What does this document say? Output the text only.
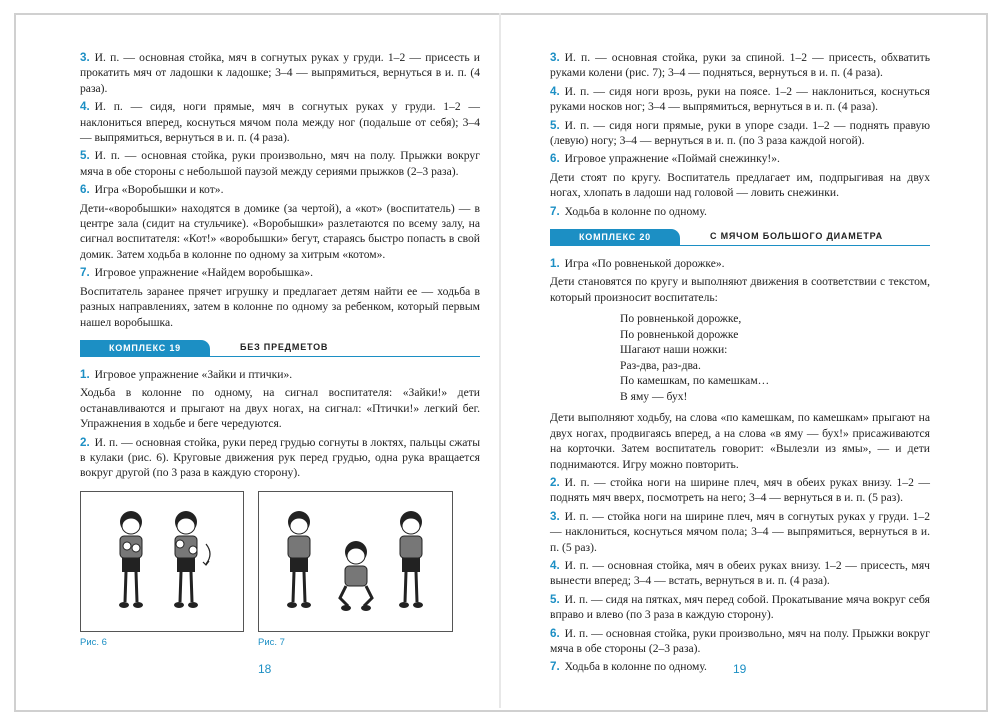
3. И. п. — основная стойка, мяч в согнутых руках у груди. 1–2 — присесть и прокатить мяч от ладошки к ладошке; 3–4 — выпрямиться, вернуться в и. п. (4 раза).

4. И. п. — сидя, ноги прямые, мяч в согнутых руках у груди. 1–2 — наклониться вперед, коснуться мячом пола между ног (подальше от себя); 3–4 — выпрямиться, вернуться в и. п. (4 раза).

5. И. п. — основная стойка, руки произвольно, мяч на полу. Прыжки вокруг мяча в обе стороны с небольшой паузой между сериями прыжков (2–3 раза).

6. Игра «Воробышки и кот».

Дети-«воробышки» находятся в домике (за чертой), а «кот» (воспитатель) — в центре зала (сидит на стульчике). «Воробышки» разлетаются по всему залу, на сигнал воспитателя: «Кот!» «воробышки» бегут, стараясь быстро попасть в свой домик. Затем ходьба в колонне по одному за хитрым «котом».

7. Игровое упражнение «Найдем воробышка».

Воспитатель заранее прячет игрушку и предлагает детям найти ее — ходьба в разных направлениях, затем в колонне по одному за ребенком, который первым нашел воробышка.

КОМПЛЕКС 19	БЕЗ ПРЕДМЕТОВ

1. Игровое упражнение «Зайки и птички».

Ходьба в колонне по одному, на сигнал воспитателя: «Зайки!» дети останавливаются и прыгают на двух ногах, на сигнал: «Птички!» легкий бег. Упражнения в ходьбе и беге чередуются.

2. И. п. — основная стойка, руки перед грудью согнуты в локтях, пальцы сжаты в кулаки (рис. 6). Круговые движения рук перед грудью, одна рука вращается вокруг другой (по 3 раза в каждую сторону).

Рис. 6	Рис. 7
18

3. И. п. — основная стойка, руки за спиной. 1–2 — присесть, обхватить руками колени (рис. 7); 3–4 — подняться, вернуться в и. п. (4 раза).

4. И. п. — сидя ноги врозь, руки на поясе. 1–2 — наклониться, коснуться руками носков ног; 3–4 — выпрямиться, вернуться в и. п. (4 раза).

5. И. п. — сидя ноги прямые, руки в упоре сзади. 1–2 — поднять правую (левую) ногу; 3–4 — вернуться в и. п. (по 3 раза каждой ногой).

6. Игровое упражнение «Поймай снежинку!».

Дети стоят по кругу. Воспитатель предлагает им, подпрыгивая на двух ногах, хлопать в ладоши над головой — ловить снежинки.

7. Ходьба в колонне по одному.

КОМПЛЕКС 20	С МЯЧОМ БОЛЬШОГО ДИАМЕТРА

1. Игра «По ровненькой дорожке».

Дети становятся по кругу и выполняют движения в соответствии с текстом, который произносит воспитатель:

По ровненькой дорожке,
По ровненькой дорожке
Шагают наши ножки:
Раз-два, раз-два.
По камешкам, по камешкам…
В яму — бух!

Дети выполняют ходьбу, на слова «по камешкам, по камешкам» прыгают на двух ногах, продвигаясь вперед, а на слова «в яму — бух!» присаживаются на корточки. Затем воспитатель говорит: «Вылезли из ямы», — и дети поднимаются. Игру можно повторить.

2. И. п. — стойка ноги на ширине плеч, мяч в обеих руках внизу. 1–2 — поднять мяч вверх, посмотреть на него; 3–4 — вернуться в и. п. (5 раз).

3. И. п. — стойка ноги на ширине плеч, мяч в согнутых руках у груди. 1–2 — наклониться, коснуться мячом пола; 3–4 — выпрямиться, вернуться в и. п. (5 раз).

4. И. п. — основная стойка, мяч в обеих руках внизу. 1–2 — присесть, мяч вынести вперед; 3–4 — встать, вернуться в и. п. (4 раза).

5. И. п. — сидя на пятках, мяч перед собой. Прокатывание мяча вокруг себя вправо и влево (по 3 раза в каждую сторону).

6. И. п. — основная стойка, руки произвольно, мяч на полу. Прыжки вокруг мяча в обе стороны (2–3 раза).

7. Ходьба в колонне по одному.	19
